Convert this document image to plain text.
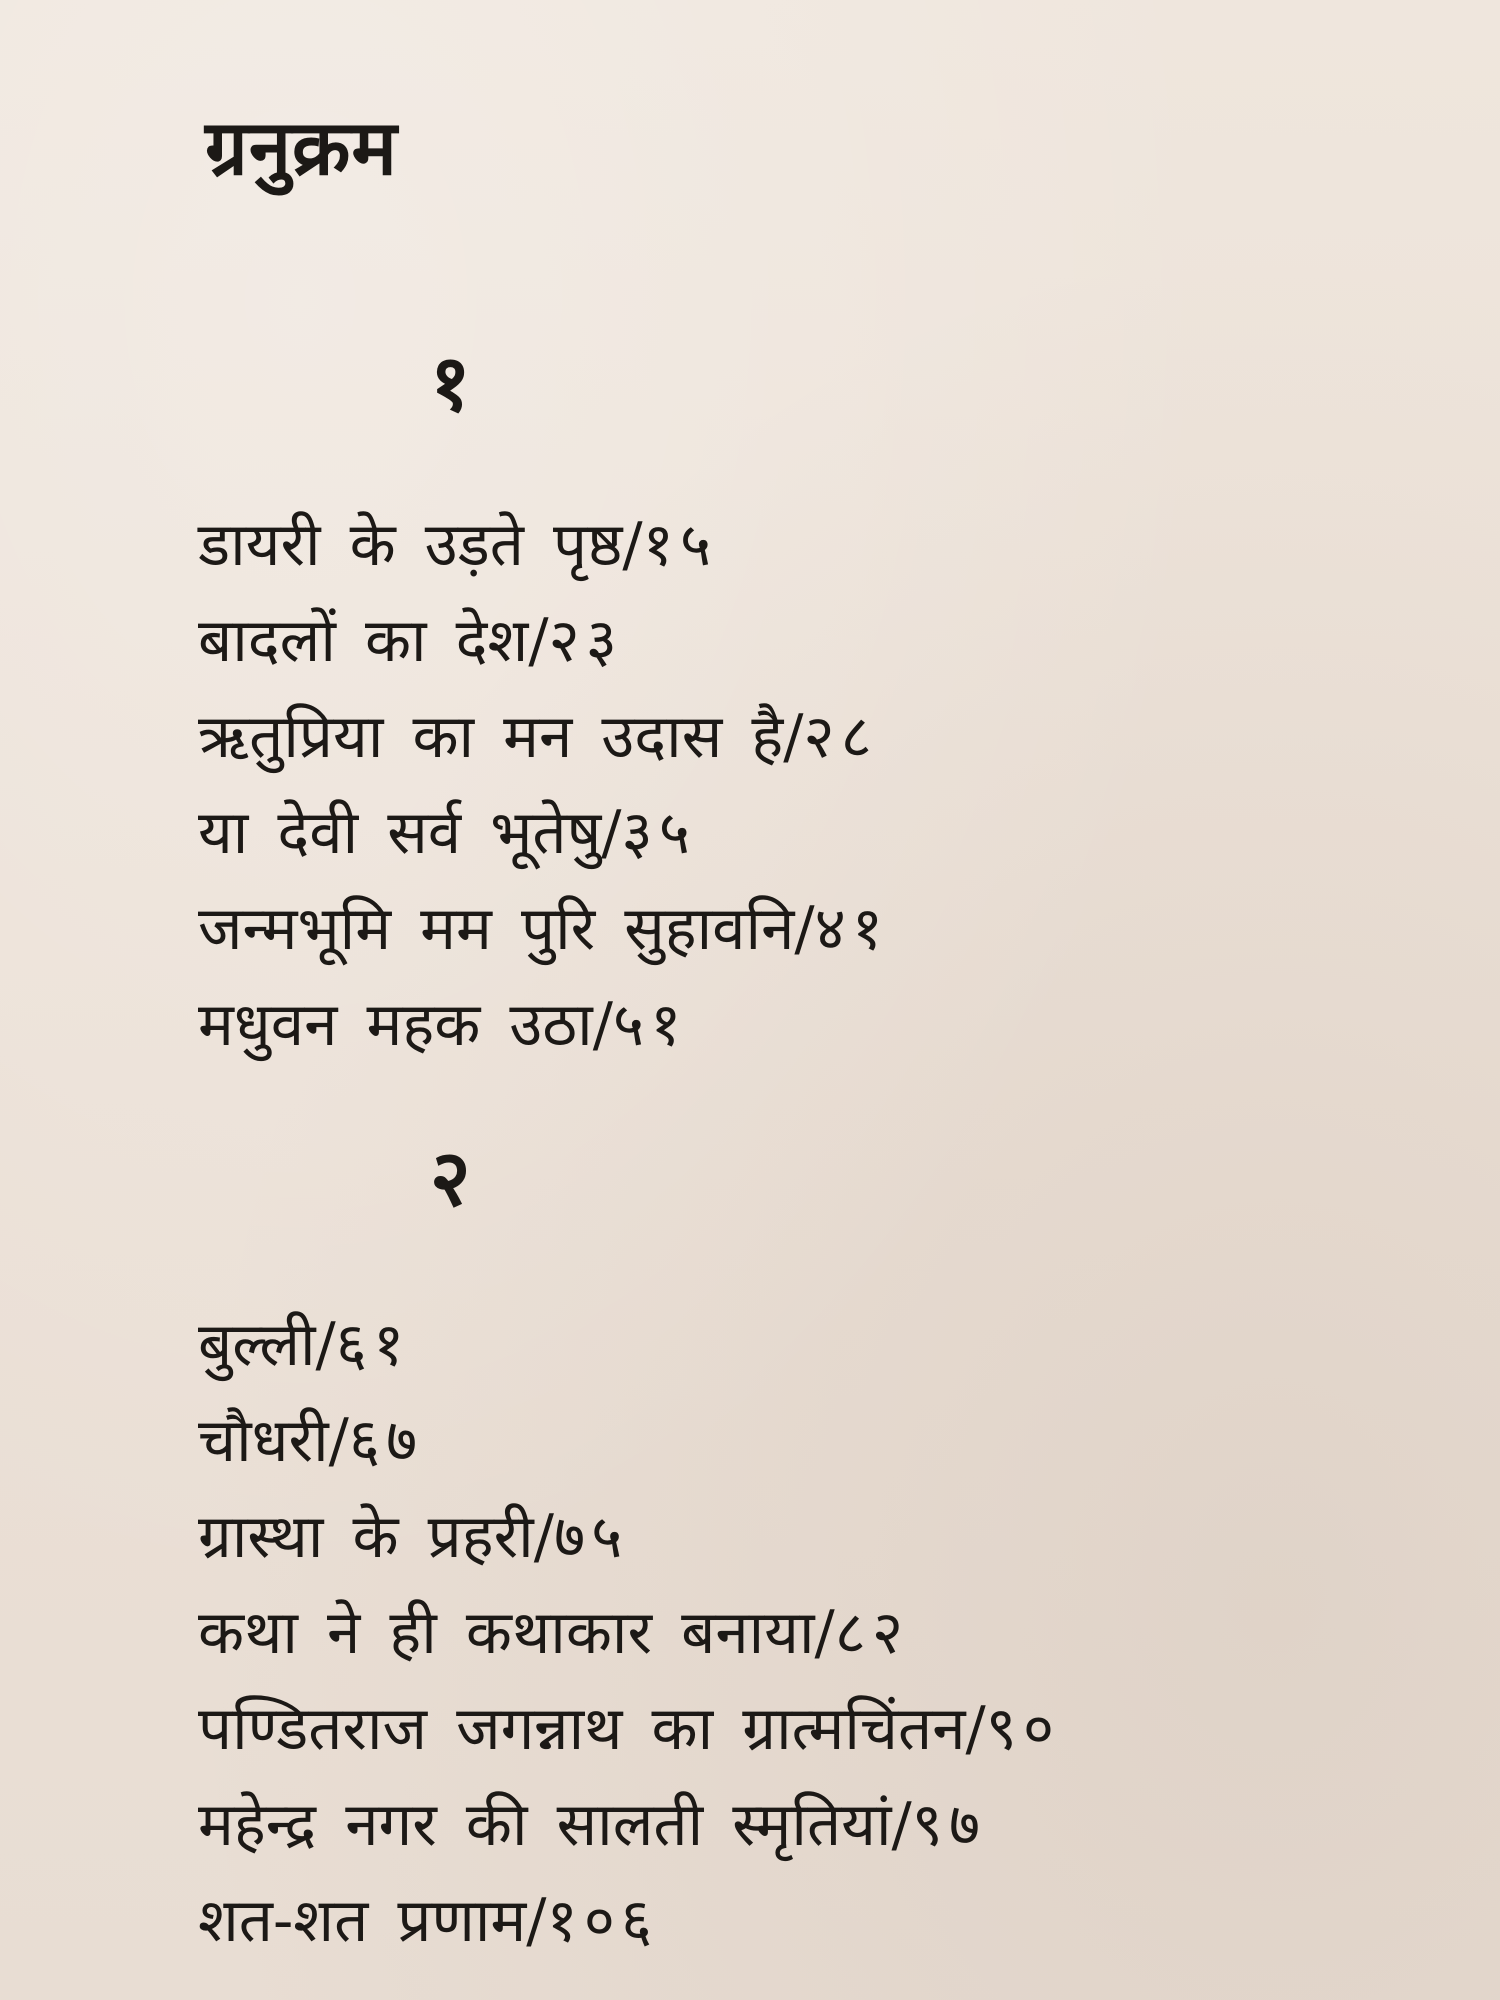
ग्रनुक्रम
१
डायरी के उड़ते पृष्ठ/१५
बादलों का देश/२३
ऋतुप्रिया का मन उदास है/२८
या देवी सर्व भूतेषु/३५
जन्मभूमि मम पुरि सुहावनि/४१
मधुवन महक उठा/५१
२
बुल्ली/६१
चौधरी/६७
ग्रास्था के प्रहरी/७५
कथा ने ही कथाकार बनाया/८२
पण्डितराज जगन्नाथ का ग्रात्मचिंतन/९०
महेन्द्र नगर की सालती स्मृतियां/९७
शत-शत प्रणाम/१०६
